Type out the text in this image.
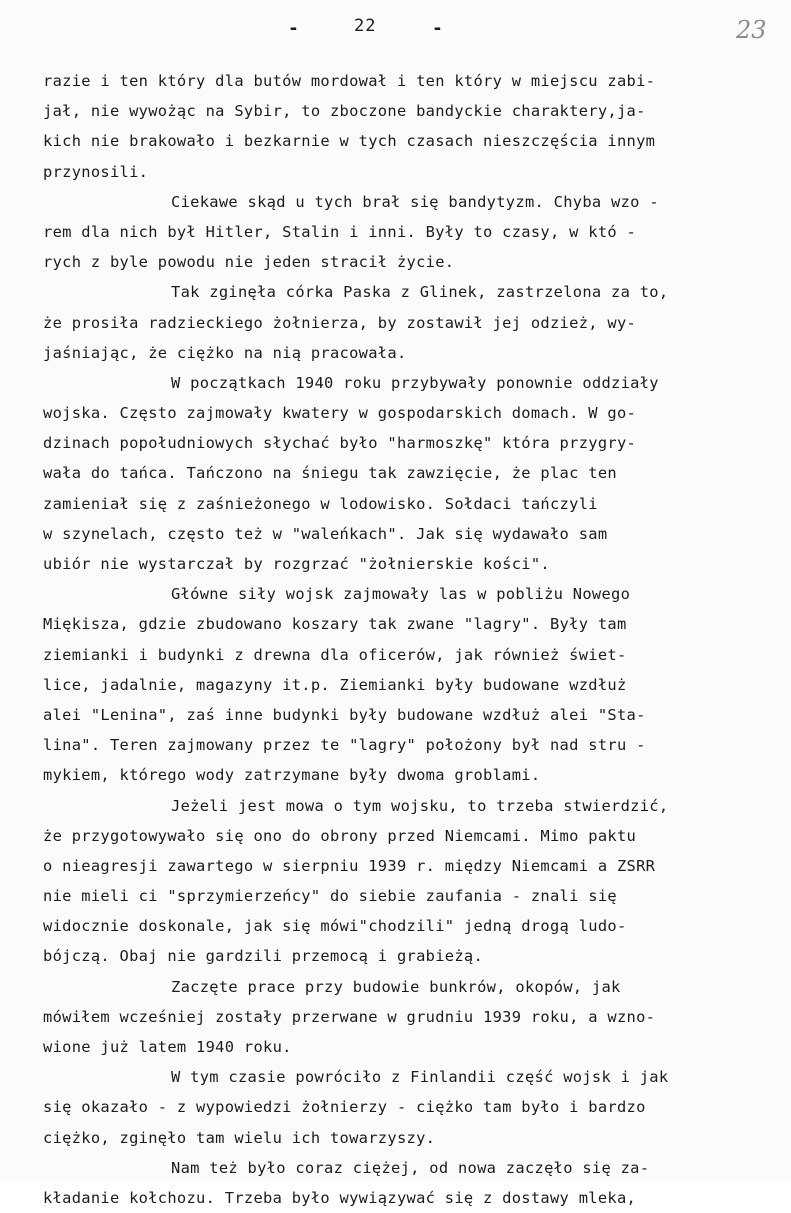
-	22	-	23
razie i ten który dla butów mordował i ten który w miejscu zabi-
jał, nie wywożąc na Sybir, to zboczone bandyckie charaktery,ja-
kich nie brakowało i bezkarnie w tych czasach nieszczęścia innym
przynosili.
Ciekawe skąd u tych brał się bandytyzm. Chyba wzo -
rem dla nich był Hitler, Stalin i inni. Były to czasy, w któ -
rych z byle powodu nie jeden stracił życie.
Tak zginęła córka Paska z Glinek, zastrzelona za to,
że prosiła radzieckiego żołnierza, by zostawił jej odzież, wy-
jaśniając, że ciężko na nią pracowała.
W początkach 1940 roku przybywały ponownie oddziały
wojska. Często zajmowały kwatery w gospodarskich domach. W go-
dzinach popołudniowych słychać było "harmoszkę" która przygry-
wała do tańca. Tańczono na śniegu tak zawzięcie, że plac ten
zamieniał się z zaśnieżonego w lodowisko. Sołdaci tańczyli
w szynelach, często też w "waleńkach". Jak się wydawało sam
ubiór nie wystarczał by rozgrzać "żołnierskie kości".
Główne siły wojsk zajmowały las w pobliżu Nowego
Miękisza, gdzie zbudowano koszary tak zwane "lagry". Były tam
ziemianki i budynki z drewna dla oficerów, jak również świet-
lice, jadalnie, magazyny it.p. Ziemianki były budowane wzdłuż
alei "Lenina", zaś inne budynki były budowane wzdłuż alei "Sta-
lina". Teren zajmowany przez te "lagry" położony był nad stru -
mykiem, którego wody zatrzymane były dwoma groblami.
Jeżeli jest mowa o tym wojsku, to trzeba stwierdzić,
że przygotowywało się ono do obrony przed Niemcami. Mimo paktu
o nieagresji zawartego w sierpniu 1939 r. między Niemcami a ZSRR
nie mieli ci "sprzymierzeńcy" do siebie zaufania - znali się
widocznie doskonale, jak się mówi"chodzili" jedną drogą ludo-
bójczą. Obaj nie gardzili przemocą i grabieżą.
Zaczęte prace przy budowie bunkrów, okopów, jak
mówiłem wcześniej zostały przerwane w grudniu 1939 roku, a wzno-
wione już latem 1940 roku.
W tym czasie powróciło z Finlandii część wojsk i jak
się okazało - z wypowiedzi żołnierzy - ciężko tam było i bardzo
ciężko, zginęło tam wielu ich towarzyszy.
Nam też było coraz ciężej, od nowa zaczęło się za-
kładanie kołchozu. Trzeba było wywiązywać się z dostawy mleka,
